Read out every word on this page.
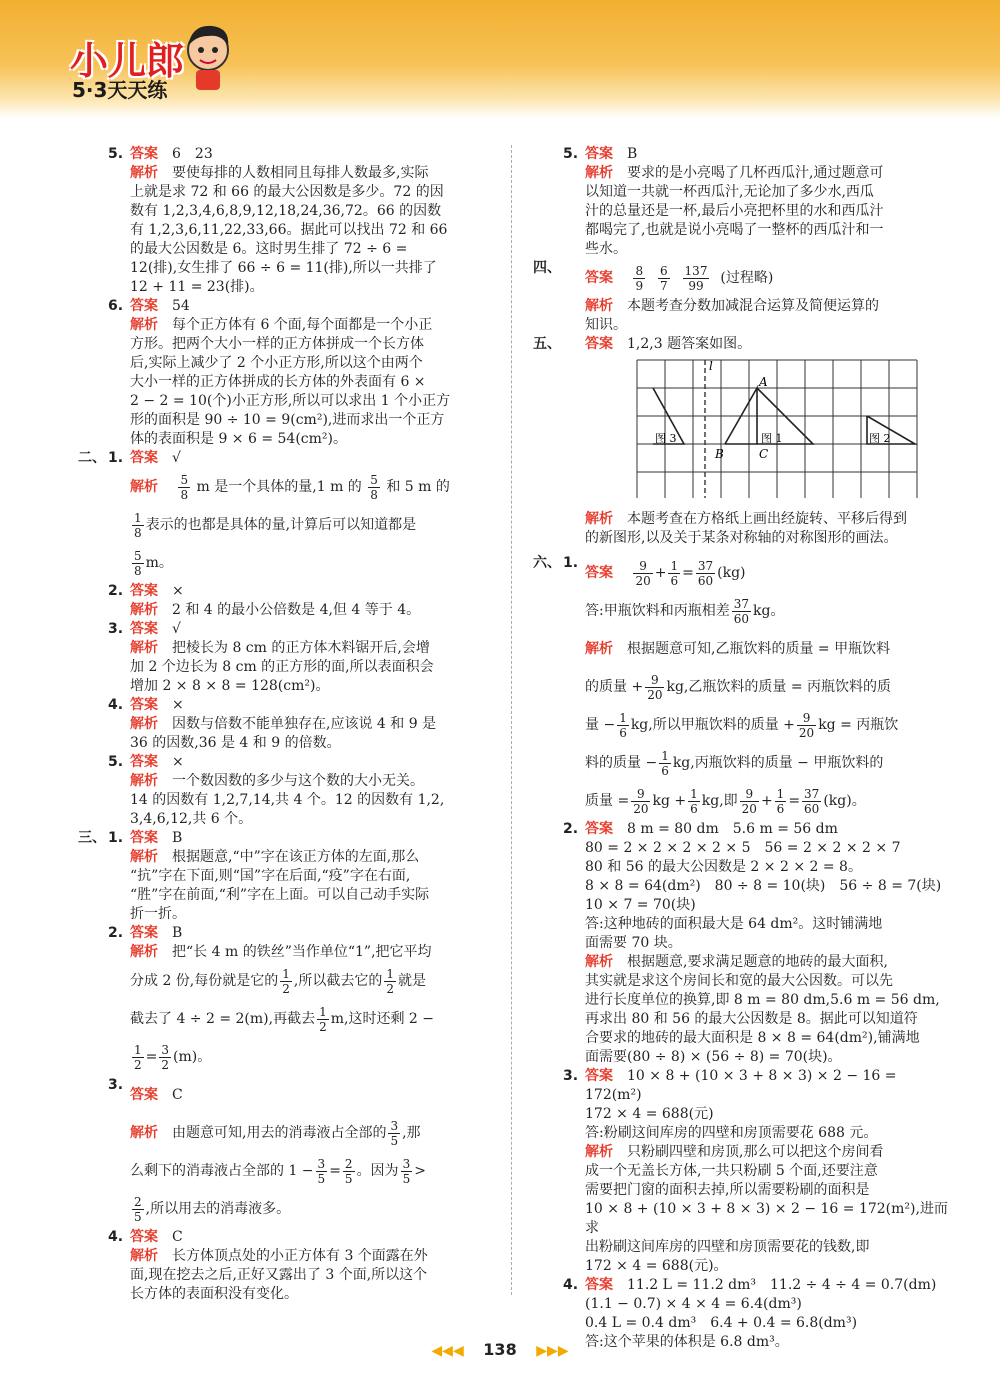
小儿郎
5·3天天练
5. 答案 6　23
解析 要使每排的人数相同且每排人数最多,实际
上就是求 72 和 66 的最大公因数是多少。72 的因
数有 1,2,3,4,6,8,9,12,18,24,36,72。66 的因数
有 1,2,3,6,11,22,33,66。据此可以找出 72 和 66
的最大公因数是 6。这时男生排了 72 ÷ 6 =
12(排),女生排了 66 ÷ 6 = 11(排),所以一共排了
12 + 11 = 23(排)。
6. 答案 54
解析 每个正方体有 6 个面,每个面都是一个小正
方形。把两个大小一样的正方体拼成一个长方体
后,实际上减少了 2 个小正方形,所以这个由两个
大小一样的正方体拼成的长方体的外表面有 6 ×
2 − 2 = 10(个)小正方形,所以可以求出 1 个小正方
形的面积是 90 ÷ 10 = 9(cm²),进而求出一个正方
体的表面积是 9 × 6 = 54(cm²)。
二、 1. 答案 √
解析 $\frac{5}{8}$ m 是一个具体的量,1 m 的 $\frac{5}{8}$ 和 5 m 的
$\frac{1}{8}$ 表示的也都是具体的量,计算后可以知道都是
$\frac{5}{8}$ m。
2. 答案 ×
解析 2 和 4 的最小公倍数是 4,但 4 等于 4。
3. 答案 √
解析 把棱长为 8 cm 的正方体木料锯开后,会增
加 2 个边长为 8 cm 的正方形的面,所以表面积会
增加 2 × 8 × 8 = 128(cm²)。
4. 答案 ×
解析 因数与倍数不能单独存在,应该说 4 和 9 是
36 的因数,36 是 4 和 9 的倍数。
5. 答案 ×
解析 一个数因数的多少与这个数的大小无关。
14 的因数有 1,2,7,14,共 4 个。12 的因数有 1,2,
3,4,6,12,共 6 个。
三、 1. 答案 B
解析 根据题意,“中”字在该正方体的左面,那么
“抗”字在下面,则“国”字在后面,“疫”字在右面,
“胜”字在前面,“利”字在上面。可以自己动手实际
折一折。
2. 答案 B
解析 把“长 4 m 的铁丝”当作单位“1”,把它平均
分成 2 份,每份就是它的 $\frac{1}{2}$ ,所以截去它的 $\frac{1}{2}$ 就是
截去了 4 ÷ 2 = 2(m),再截去 $\frac{1}{2} m$,这时还剩 2 −
$\frac{1}{2} = \frac{3}{2} (m)$。
3.
答案 C
解析 由题意可知,用去的消毒液占全部的 $\frac{3}{5}$ ,那
么剩下的消毒液占全部的 $1 - \frac{3}{5} = \frac{2}{5}$ 。因为 $\frac{3}{5}$ >
$\frac{2}{5}$ ,所以用去的消毒液多。
4. 答案 C
解析 长方体顶点处的小正方体有 3 个面露在外
面,现在挖去之后,正好又露出了 3 个面,所以这个
长方体的表面积没有变化。
5. 答案 B
解析 要求的是小亮喝了几杯西瓜汁,通过题意可
以知道一共就一杯西瓜汁,无论加了多少水,西瓜
汁的总量还是一杯,最后小亮把杯里的水和西瓜汁
都喝完了,也就是说小亮喝了一整杯的西瓜汁和一
些水。
四、
答案 $\frac{8}{9}$
$\frac{6}{7}$
$\frac{137}{99}$ (过程略)
解析 本题考查分数加减混合运算及简便运算的
知识。
五、 答案 1,2,3 题答案如图。
l
A
B	C
图 3	图 1	图 2
解析 本题考查在方格纸上画出经旋转、平移后得到
的新图形,以及关于某条对称轴的对称图形的画法。
六、 1.
答案 $\frac{9}{20} + \frac{1}{6} = \frac{37}{60} (kg)$
答:甲瓶饮料和丙瓶相差 $\frac{37}{60}$ kg。
解析 根据题意可知,乙瓶饮料的质量 = 甲瓶饮料
的质量 + $\frac{9}{20}$ kg,乙瓶饮料的质量 = 丙瓶饮料的质
量 − $\frac{1}{6}$ kg,所以甲瓶饮料的质量 + $\frac{9}{20}$ kg = 丙瓶饮
料的质量 − $\frac{1}{6}$ kg,丙瓶饮料的质量 − 甲瓶饮料的
质量 = $\frac{9}{20}$ kg + $\frac{1}{6}$ kg,即 $\frac{9}{20} + \frac{1}{6} = \frac{37}{60} (kg)$。
2. 答案 8 m = 80 dm　5.6 m = 56 dm
80 = 2 × 2 × 2 × 2 × 5　56 = 2 × 2 × 2 × 7
80 和 56 的最大公因数是 2 × 2 × 2 = 8。
8 × 8 = 64(dm²)　80 ÷ 8 = 10(块)　56 ÷ 8 = 7(块)
10 × 7 = 70(块)
答:这种地砖的面积最大是 64 dm²。这时铺满地
面需要 70 块。
解析 根据题意,要求满足题意的地砖的最大面积,
其实就是求这个房间长和宽的最大公因数。可以先
进行长度单位的换算,即 8 m = 80 dm,5.6 m = 56 dm,
再求出 80 和 56 的最大公因数是 8。据此可以知道符
合要求的地砖的最大面积是 8 × 8 = 64(dm²),铺满地
面需要(80 ÷ 8) × (56 ÷ 8) = 70(块)。
3. 答案 10 × 8 + (10 × 3 + 8 × 3) × 2 − 16 = 172(m²)
172 × 4 = 688(元)
答:粉刷这间库房的四壁和房顶需要花 688 元。
解析 只粉刷四壁和房顶,那么可以把这个房间看
成一个无盖长方体,一共只粉刷 5 个面,还要注意
需要把门窗的面积去掉,所以需要粉刷的面积是
10 × 8 + (10 × 3 + 8 × 3) × 2 − 16 = 172(m²),进而求
出粉刷这间库房的四壁和房顶需要花的钱数,即
172 × 4 = 688(元)。
4. 答案 11.2 L = 11.2 dm³　11.2 ÷ 4 ÷ 4 = 0.7(dm)
(1.1 − 0.7) × 4 × 4 = 6.4(dm³)
0.4 L = 0.4 dm³　6.4 + 0.4 = 6.8(dm³)
答:这个苹果的体积是 6.8 dm³。
◀◀◀ 138 ▶▶▶
